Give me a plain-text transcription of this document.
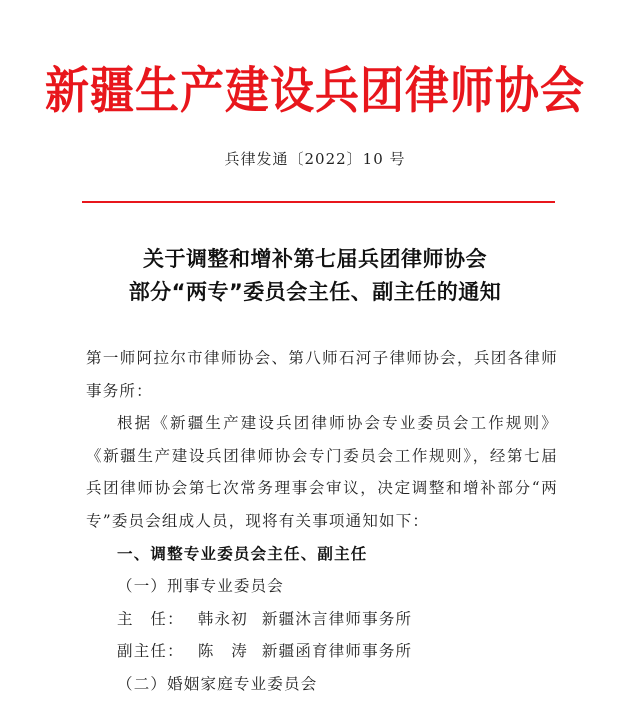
新疆生产建设兵团律师协会
兵律发通〔2022〕10 号
关于调整和增补第七届兵团律师协会
部分“两专”委员会主任、副主任的通知

第一师阿拉尔市律师协会、第八师石河子律师协会，兵团各律师事务所：

根据《新疆生产建设兵团律师协会专业委员会工作规则》《新疆生产建设兵团律师协会专门委员会工作规则》，经第七届兵团律师协会第七次常务理事会审议，决定调整和增补部分“两专”委员会组成人员，现将有关事项通知如下：

一、调整专业委员会主任、副主任

（一）刑事专业委员会

主　任： 韩永初 新疆沐言律师事务所

副主任： 陈　涛 新疆函育律师事务所

（二）婚姻家庭专业委员会
